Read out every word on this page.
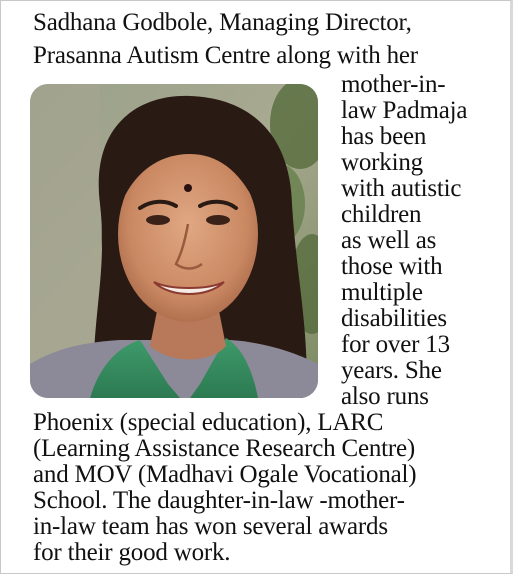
Sadhana Godbole, Managing Director,
Prasanna Autism Centre along with her
mother-in-
law Padmaja
has been
working
with autistic
children
as well as
those with
multiple
disabilities
for over 13
years. She
also runs
Phoenix (special education), LARC
(Learning Assistance Research Centre)
and MOV (Madhavi Ogale Vocational)
School. The daughter-in-law -mother-
in-law team has won several awards
for their good work.
